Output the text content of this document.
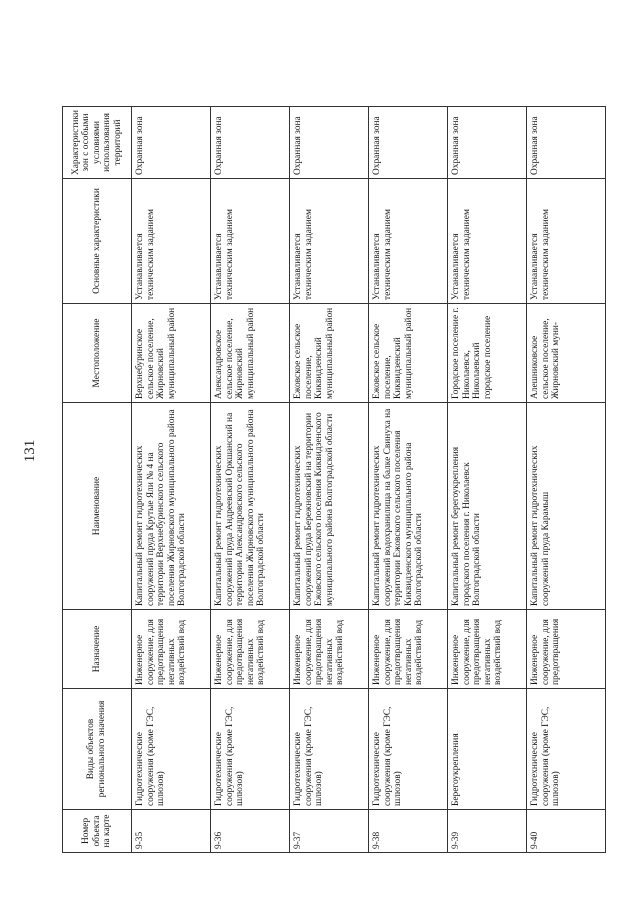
131
Номер объекта на карте	Виды объектов регионального значения	Назначение	Наименование	Местоположение	Основные характеристики	Характеристики зон с особыми условиями использования территорий
9-35	Гидротехнические сооружения (кроме ГЭС, шлюзов)	Инженерное сооружение, для предотвращения негативных воздействий вод	Капитальный ремонт гидротехнических сооружений пруда Крутые Яли № 4 на территории Верхнебуринского сельского поселения Жирновского муниципального района Волгоградской области	Верхнебуринское сельское поселение, Жирновский муниципальный район	Устанавливается техническим заданием	Охранная зона
9-36	Гидротехнические сооружения (кроме ГЭС, шлюзов)	Инженерное сооружение, для предотвращения негативных воздействий вод	Капитальный ремонт гидротехнических сооружений пруда Андреевский Оркшанский на территории Александровского сельского поселения Жирновского муниципального района Волгоградской области	Александровское сельское поселение, Жирновский муниципальный район	Устанавливается техническим заданием	Охранная зона
9-37	Гидротехнические сооружения (кроме ГЭС, шлюзов)	Инженерное сооружение, для предотвращения негативных воздействий вод	Капитальный ремонт гидротехнических сооружений пруда Бережновский на территории Ежовского сельского поселения Киквидзенского муниципального района Волгоградской области	Ежовское сельское поселение, Киквидзенский муниципальный район	Устанавливается техническим заданием	Охранная зона
9-38	Гидротехнические сооружения (кроме ГЭС, шлюзов)	Инженерное сооружение, для предотвращения негативных воздействий вод	Капитальный ремонт гидротехнических сооружений водохранилища на балке Свинуха на территории Ежовского сельского поселения Киквидзенского муниципального района Волгоградской области	Ежовское сельское поселение, Киквидзенский муниципальный район	Устанавливается техническим заданием	Охранная зона
9-39	Берегоукрепления	Инженерное сооружение, для предотвращения негативных воздействий вод	Капитальный ремонт берегоукрепления городского поселения г. Николаевск Волгоградской области	Городское поселение г. Николаевск, Николаевский городское поселение	Устанавливается техническим заданием	Охранная зона
9-40	Гидротехнические сооружения (кроме ГЭС, шлюзов)	Инженерное сооружение, для предотвращения	Капитальный ремонт гидротехнических сооружений пруда Карамыш	Алешниковское сельское поселение, Жирновский муни-	Устанавливается техническим заданием	Охранная зона
